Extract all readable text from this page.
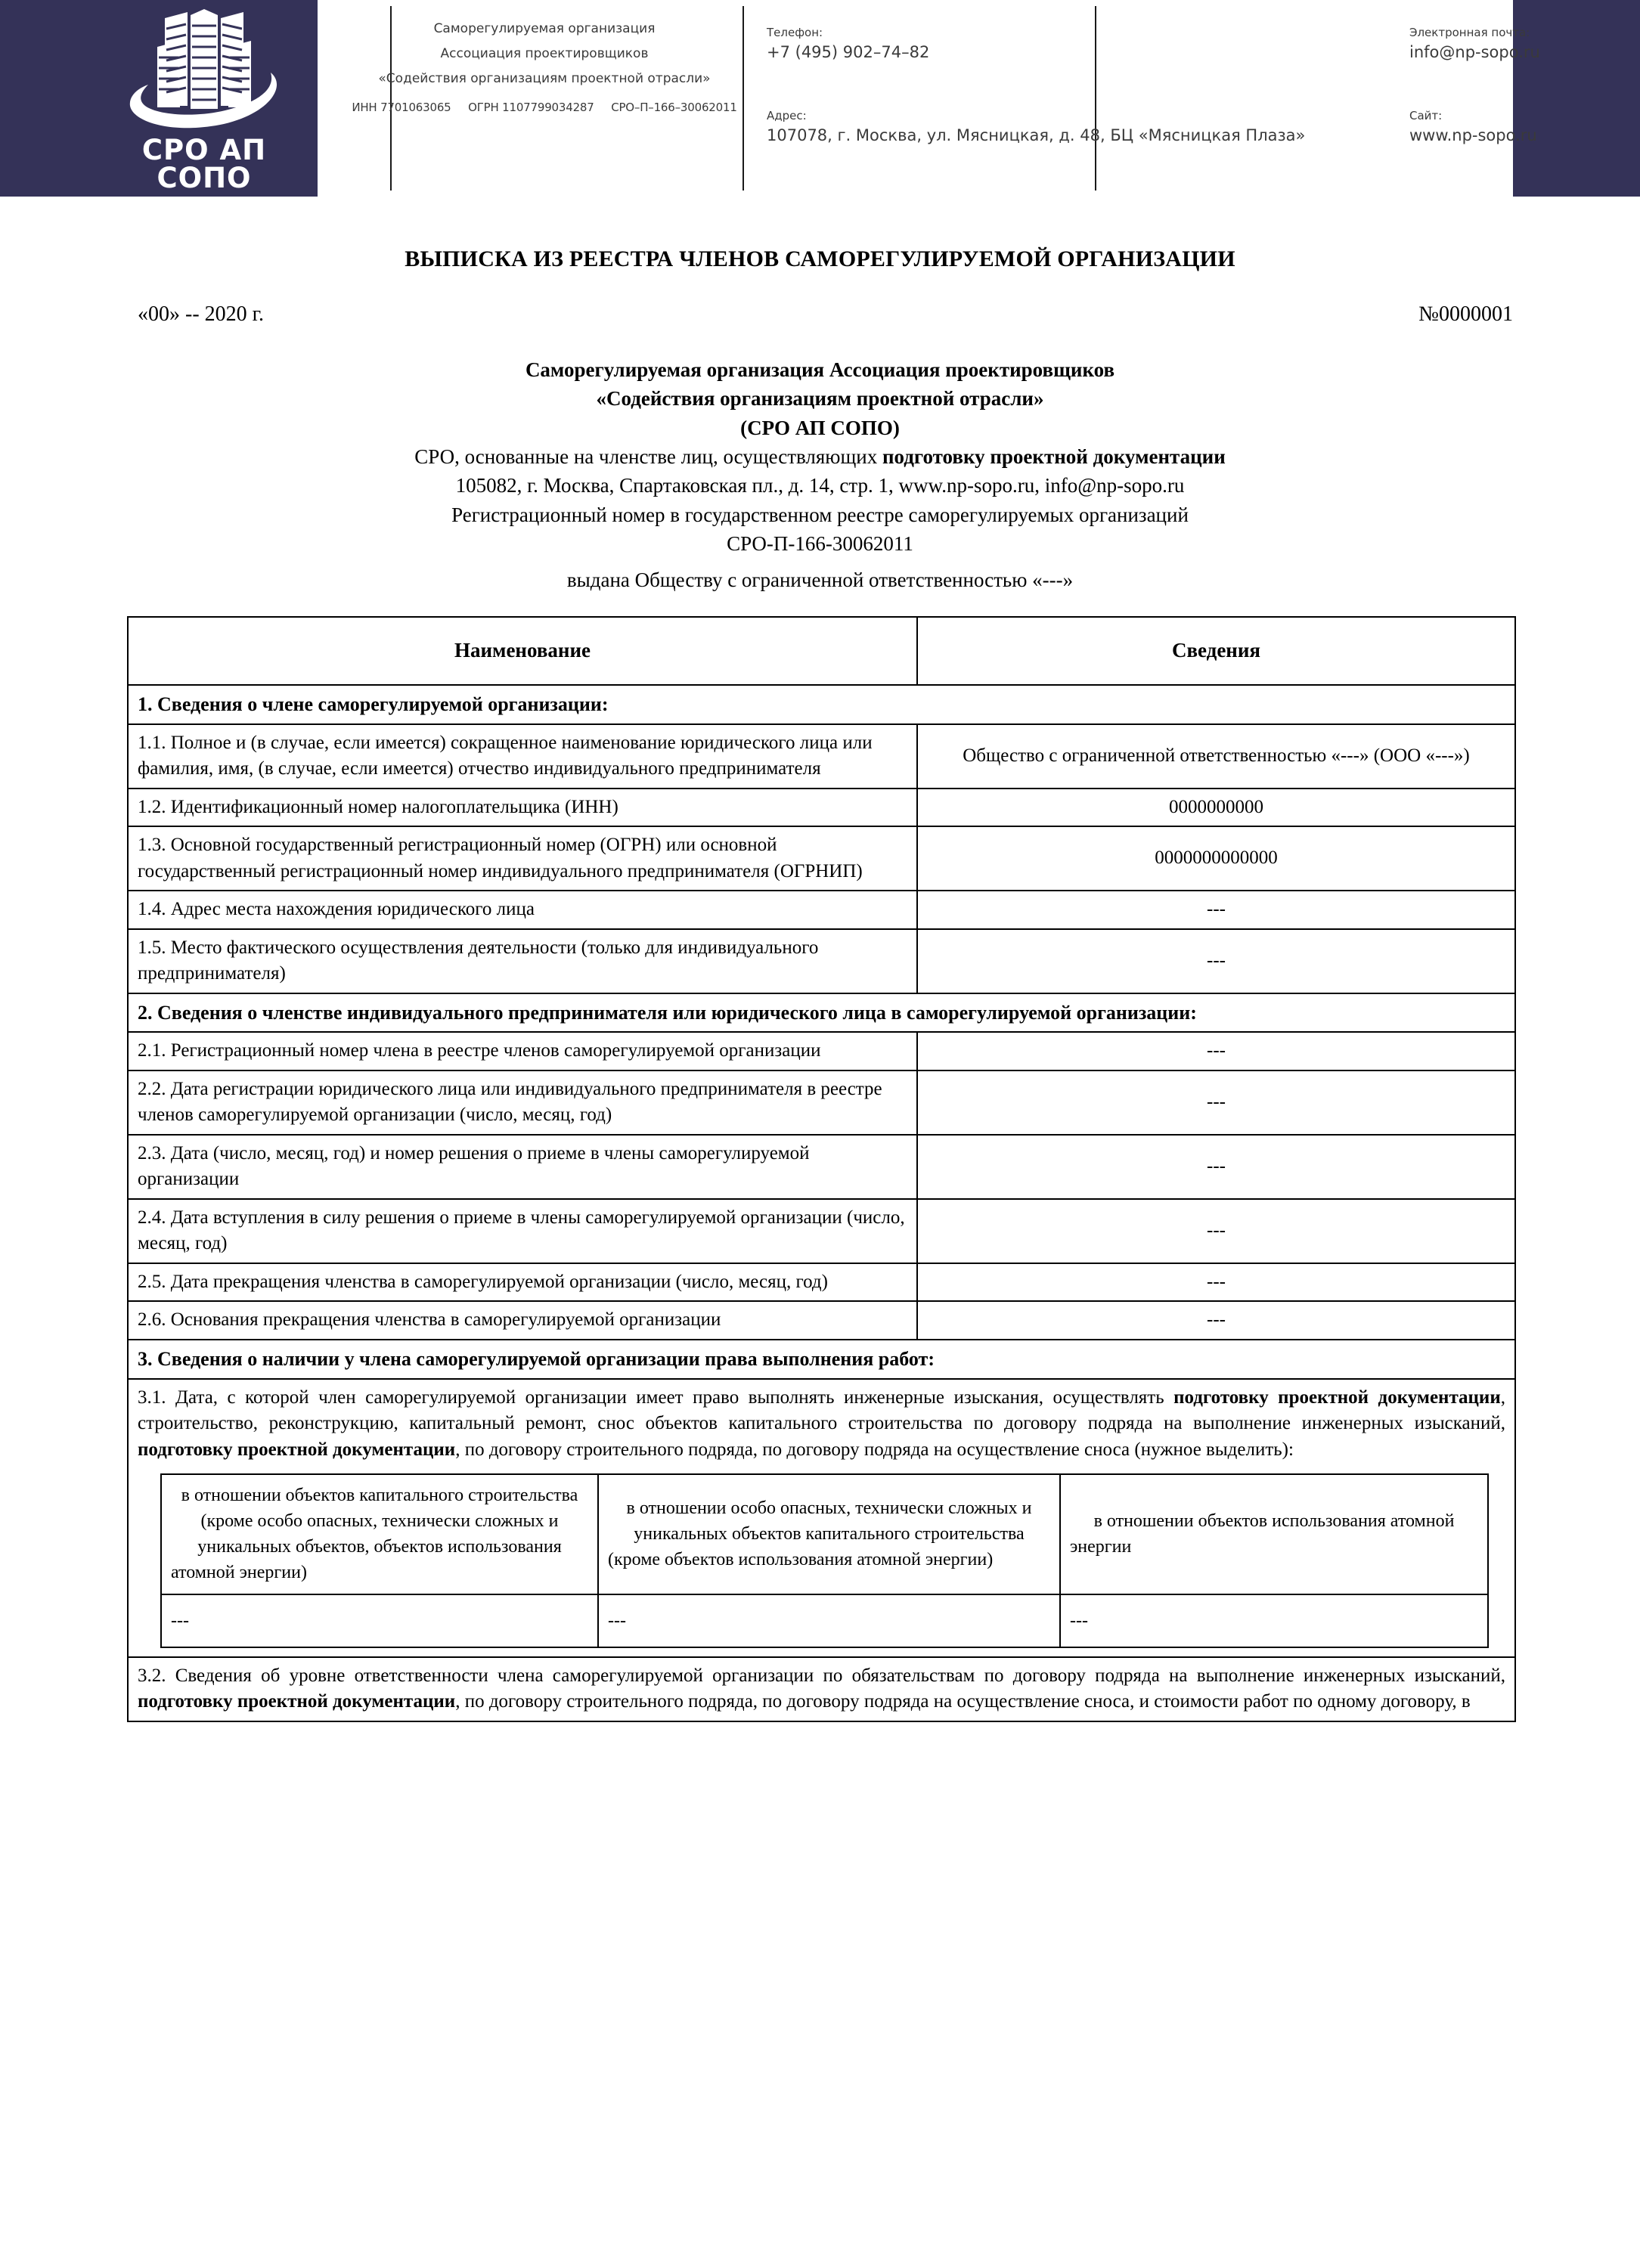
СРО АП СОПО
Саморегулируемая организация
Ассоциация проектировщиков
«Содействия организациям проектной отрасли»
ИНН 7701063065 ОГРН 1107799034287 СРО–П–166–30062011
Телефон:
+7 (495) 902–74–82
Адрес:
107078, г. Москва, ул. Мясницкая, д. 48, БЦ «Мясницкая Плаза»
Электронная почта:
info@np-sopo.ru
Сайт:
www.np-sopo.ru
ВЫПИСКА ИЗ РЕЕСТРА ЧЛЕНОВ САМОРЕГУЛИРУЕМОЙ ОРГАНИЗАЦИИ
«00» -- 2020 г.	№0000001
Саморегулируемая организация Ассоциация проектировщиков
«Содействия организациям проектной отрасли»
(СРО АП СОПО)
СРО, основанные на членстве лиц, осуществляющих подготовку проектной документации
105082, г. Москва, Спартаковская пл., д. 14, стр. 1, www.np-sopo.ru, info@np-sopo.ru
Регистрационный номер в государственном реестре саморегулируемых организаций
СРО-П-166-30062011
выдана Обществу с ограниченной ответственностью «---»
Наименование	Сведения
1. Сведения о члене саморегулируемой организации:
1.1. Полное и (в случае, если имеется) сокращенное наименование юридического лица или фамилия, имя, (в случае, если имеется) отчество индивидуального предпринимателя	Общество с ограниченной ответственностью «---» (ООО «---»)
1.2. Идентификационный номер налогоплательщика (ИНН)	0000000000
1.3. Основной государственный регистрационный номер (ОГРН) или основной государственный регистрационный номер индивидуального предпринимателя (ОГРНИП)	0000000000000
1.4. Адрес места нахождения юридического лица	---
1.5. Место фактического осуществления деятельности (только для индивидуального предпринимателя)	---
2. Сведения о членстве индивидуального предпринимателя или юридического лица в саморегулируемой организации:
2.1. Регистрационный номер члена в реестре членов саморегулируемой организации	---
2.2. Дата регистрации юридического лица или индивидуального предпринимателя в реестре членов саморегулируемой организации (число, месяц, год)	---
2.3. Дата (число, месяц, год) и номер решения о приеме в члены саморегулируемой организации	---
2.4. Дата вступления в силу решения о приеме в члены саморегулируемой организации (число, месяц, год)	---
2.5. Дата прекращения членства в саморегулируемой организации (число, месяц, год)	---
2.6. Основания прекращения членства в саморегулируемой организации	---
3. Сведения о наличии у члена саморегулируемой организации права выполнения работ:
3.1. Дата, с которой член саморегулируемой организации имеет право выполнять инженерные изыскания, осуществлять подготовку проектной документации, строительство, реконструкцию, капитальный ремонт, снос объектов капитального строительства по договору подряда на выполнение инженерных изысканий, подготовку проектной документации, по договору строительного подряда, по договору подряда на осуществление сноса (нужное выделить):
в отношении объектов капитального строительства (кроме особо опасных, технически сложных и уникальных объектов, объектов использования атомной энергии)	в отношении особо опасных, технически сложных и уникальных объектов капитального строительства (кроме объектов использования атомной энергии)	в отношении объектов использования атомной энергии
---	---	---

3.2. Сведения об уровне ответственности члена саморегулируемой организации по обязательствам по договору подряда на выполнение инженерных изысканий, подготовку проектной документации, по договору строительного подряда, по договору подряда на осуществление сноса, и стоимости работ по одному договору, в
